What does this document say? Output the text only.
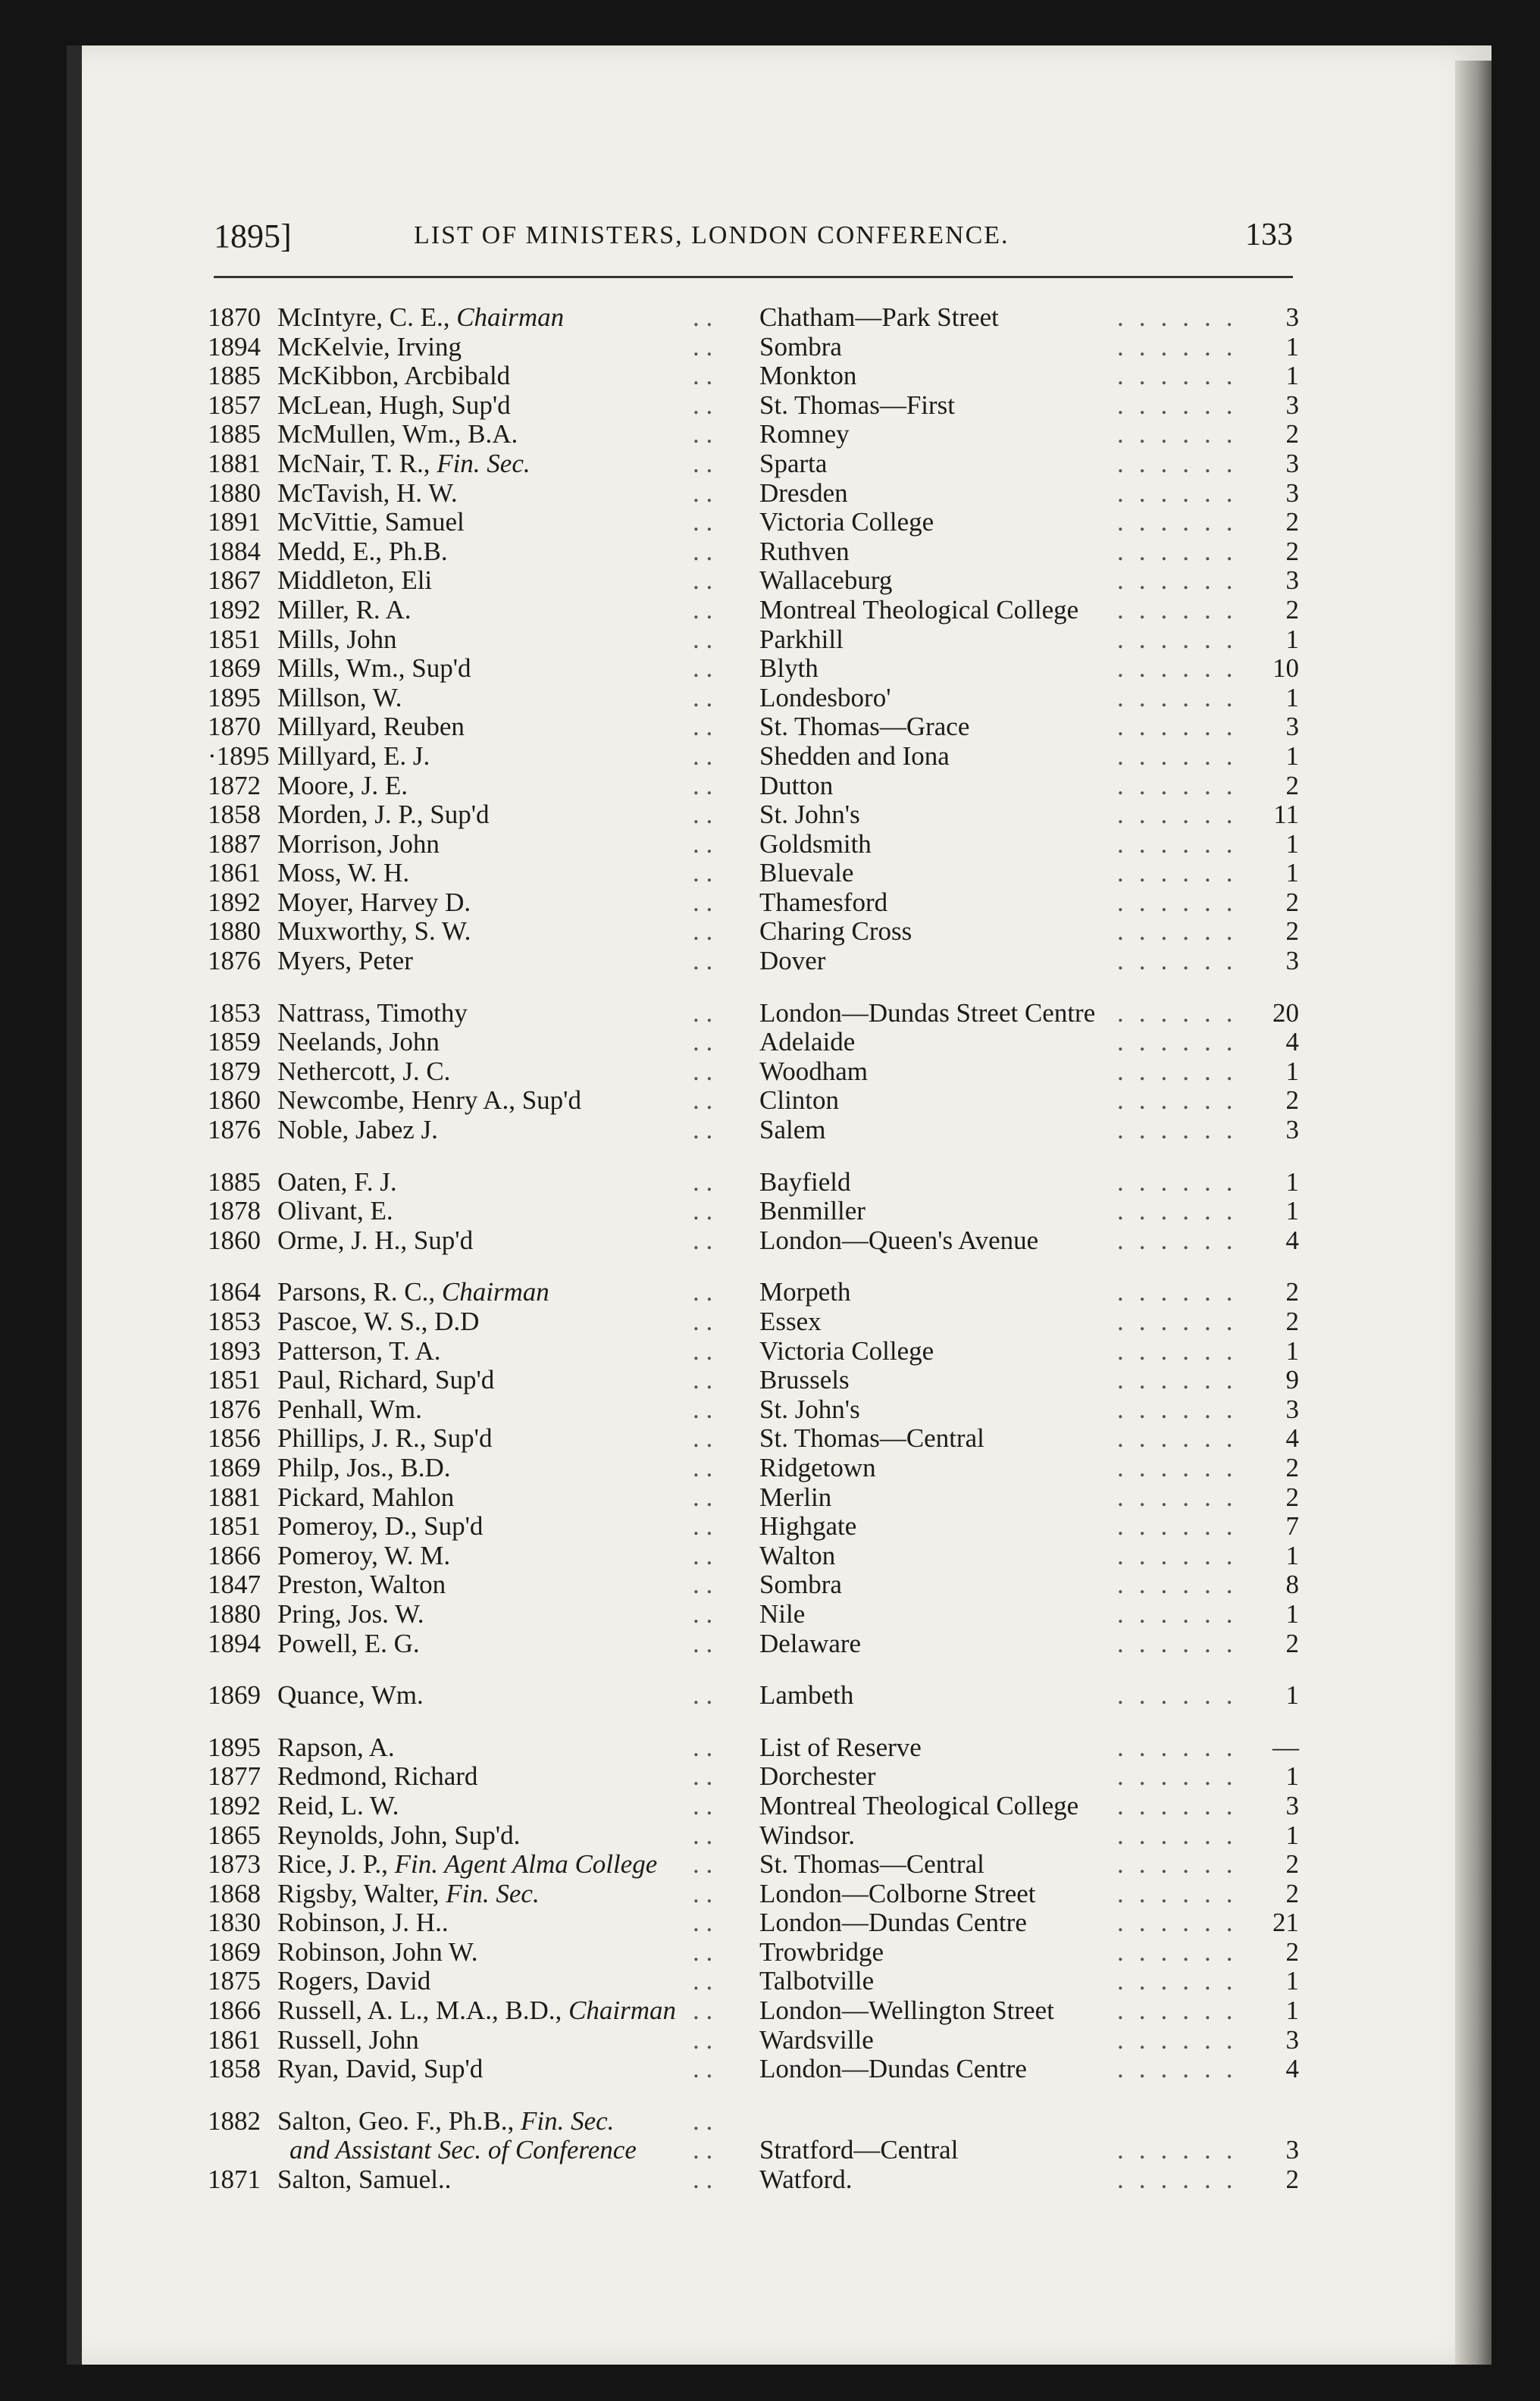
1895]	LIST OF MINISTERS, LONDON CONFERENCE.	133
1870 McIntyre, C. E., Chairman	. . Chatham—Park Street	......	3
1894 McKelvie, Irving	. . Sombra	......	1
1885 McKibbon, Arcbibald	. . Monkton	......	1
1857 McLean, Hugh, Sup'd	. . St. Thomas—First	......	3
1885 McMullen, Wm., B.A.	. . Romney	......	2
1881 McNair, T. R., Fin. Sec.	. . Sparta	......	3
1880 McTavish, H. W.	. . Dresden	......	3
1891 McVittie, Samuel	. . Victoria College	......	2
1884 Medd, E., Ph.B.	. . Ruthven	......	2
1867 Middleton, Eli	. . Wallaceburg	......	3
1892 Miller, R. A.	. . Montreal Theological College ......	2
1851 Mills, John	. . Parkhill	......	1
1869 Mills, Wm., Sup'd	. . Blyth	...... 10
1895 Millson, W.	. . Londesboro'	......	1
1870 Millyard, Reuben	. . St. Thomas—Grace	......	3
·1895 Millyard, E. J.	. . Shedden and Iona	......	1
1872 Moore, J. E.	. . Dutton	......	2
1858 Morden, J. P., Sup'd	. . St. John's	...... 11
1887 Morrison, John	. . Goldsmith	......	1
1861 Moss, W. H.	. . Bluevale	......	1
1892 Moyer, Harvey D.	. . Thamesford	......	2
1880 Muxworthy, S. W.	. . Charing Cross	......	2
1876 Myers, Peter	. . Dover	......	3
1853 Nattrass, Timothy	. . London—Dundas Street Centre ...... 20
1859 Neelands, John	. . Adelaide	......	4
1879 Nethercott, J. C.	. . Woodham	......	1
1860 Newcombe, Henry A., Sup'd	. . Clinton	......	2
1876 Noble, Jabez J.	. . Salem	......	3
1885 Oaten, F. J.	. . Bayfield	......	1
1878 Olivant, E.	. . Benmiller	......	1
1860 Orme, J. H., Sup'd	. . London—Queen's Avenue	......	4
1864 Parsons, R. C., Chairman	. . Morpeth	......	2
1853 Pascoe, W. S., D.D	. . Essex	......	2
1893 Patterson, T. A.	. . Victoria College	......	1
1851 Paul, Richard, Sup'd	. . Brussels	......	9
1876 Penhall, Wm.	. . St. John's	......	3
1856 Phillips, J. R., Sup'd	. . St. Thomas—Central	......	4
1869 Philp, Jos., B.D.	. . Ridgetown	......	2
1881 Pickard, Mahlon	. . Merlin	......	2
1851 Pomeroy, D., Sup'd	. . Highgate	......	7
1866 Pomeroy, W. M.	. . Walton	......	1
1847 Preston, Walton	. . Sombra	......	8
1880 Pring, Jos. W.	. . Nile	......	1
1894 Powell, E. G.	. . Delaware	......	2
1869 Quance, Wm.	. . Lambeth	......	1
1895 Rapson, A.	. . List of Reserve	...... —
1877 Redmond, Richard	. . Dorchester	......	1
1892 Reid, L. W.	. . Montreal Theological College ......	3
1865 Reynolds, John, Sup'd.	. . Windsor.	......	1
1873 Rice, J. P., Fin. Agent Alma College . . St. Thomas—Central	......	2
1868 Rigsby, Walter, Fin. Sec.	. . London—Colborne Street	......	2
1830 Robinson, J. H..	. . London—Dundas Centre	...... 21
1869 Robinson, John W.	. . Trowbridge	......	2
1875 Rogers, David	. . Talbotville	......	1
1866 Russell, A. L., M.A., B.D., Chairman . . London—Wellington Street ......	1
1861 Russell, John	. . Wardsville	......	3
1858 Ryan, David, Sup'd	. . London—Dundas Centre	......	4
1882 Salton, Geo. F., Ph.B., Fin. Sec.	. .
and Assistant Sec. of Conference . . Stratford—Central	......	3
1871 Salton, Samuel..	. . Watford.	......	2
